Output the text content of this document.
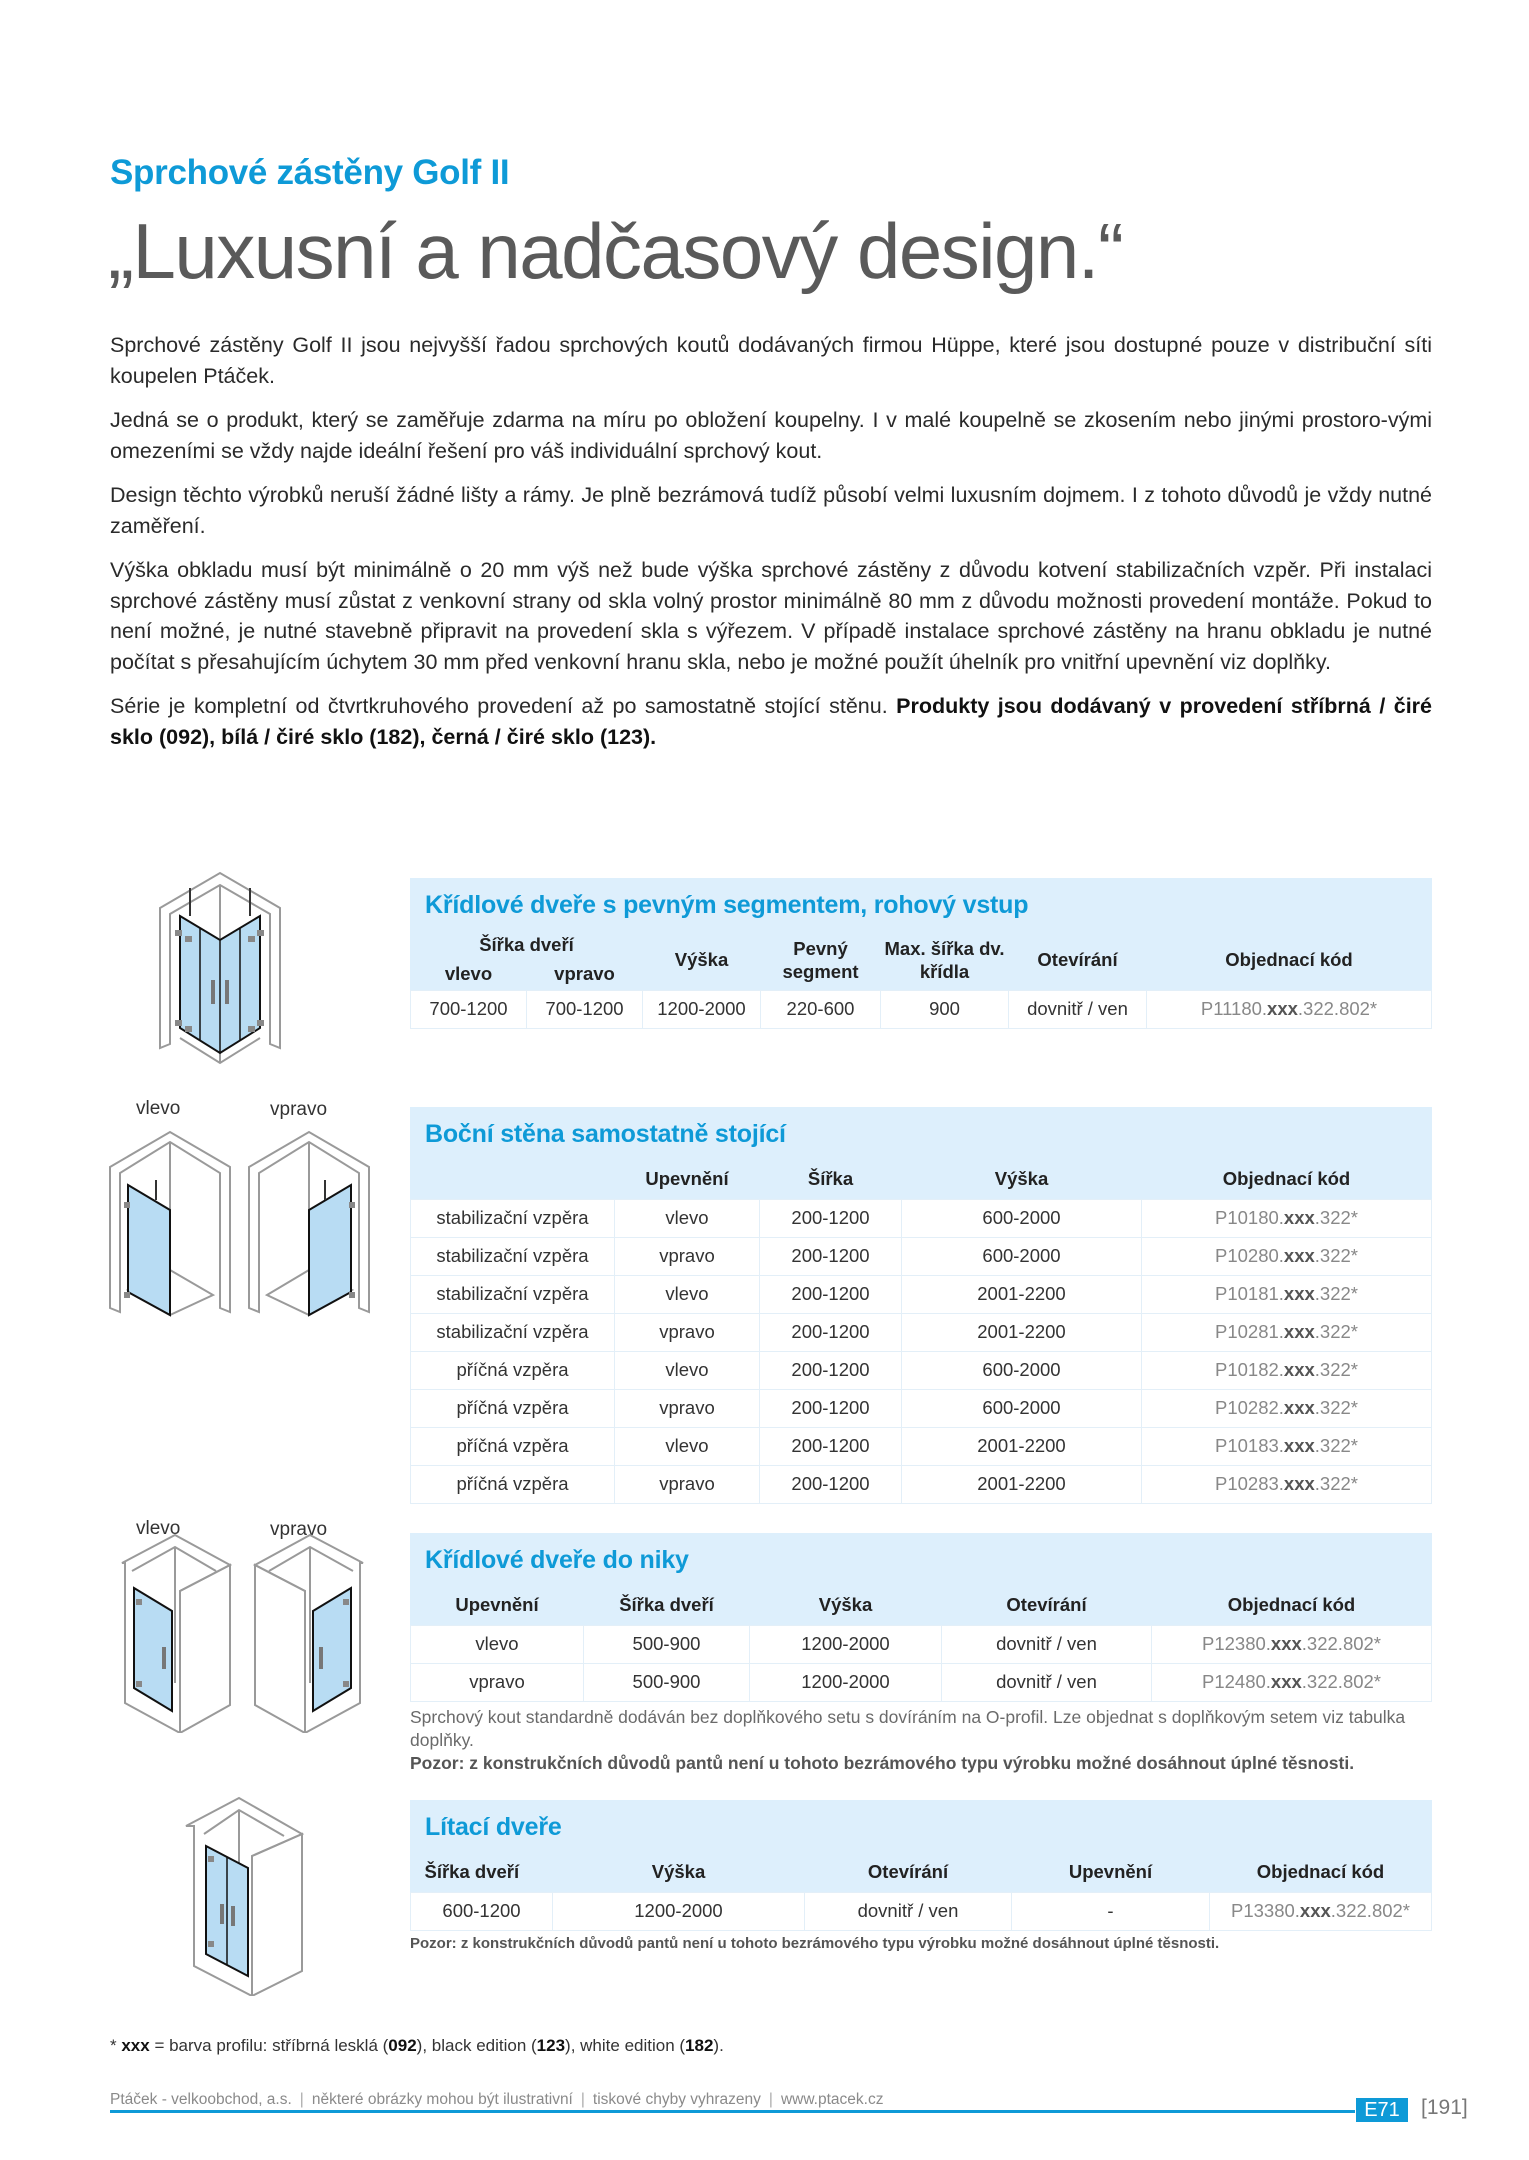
Sprchové zástěny Golf II
„Luxusní a nadčasový design.“

Sprchové zástěny Golf II jsou nejvyšší řadou sprchových koutů dodávaných firmou Hüppe, které jsou dostupné pouze v distribuční síti koupelen Ptáček.

Jedná se o produkt, který se zaměřuje zdarma na míru po obložení koupelny. I v malé koupelně se zkosením nebo jinými prostoro-vými omezeními se vždy najde ideální řešení pro váš individuální sprchový kout.

Design těchto výrobků neruší žádné lišty a rámy. Je plně bezrámová tudíž působí velmi luxusním dojmem. I z tohoto důvodů je vždy nutné zaměření.

Výška obkladu musí být minimálně o 20 mm výš než bude výška sprchové zástěny z důvodu kotvení stabilizačních vzpěr. Při instalaci sprchové zástěny musí zůstat z venkovní strany od skla volný prostor minimálně 80 mm z důvodu možnosti provedení montáže. Pokud to není možné, je nutné stavebně připravit na provedení skla s výřezem. V případě instalace sprchové zástěny na hranu obkladu je nutné počítat s přesahujícím úchytem 30 mm před venkovní hranu skla, nebo je možné použít úhelník pro vnitřní upevnění viz doplňky.

Série je kompletní od čtvrtkruhového provedení až po samostatně stojící stěnu. Produkty jsou dodávaný v provedení stříbrná / čiré sklo (092), bílá / čiré sklo (182), černá / čiré sklo (123).

Křídlové dveře s pevným segmentem, rohový vstup
Šířka dveří		Výška	Pevný segment	Max. šířka dv. křídla	Otevírání	Objednací kód
vlevo	vpravo					
700-1200	700-1200	1200-2000	220-600	900	dovnitř / ven	P11180.xxx.322.802*
vlevo	vpravo
Boční stěna samostatně stojící
	Upevnění	Šířka	Výška	Objednací kód
stabilizační vzpěra	vlevo	200-1200	600-2000	P10180.xxx.322*
stabilizační vzpěra	vpravo	200-1200	600-2000	P10280.xxx.322*
stabilizační vzpěra	vlevo	200-1200	2001-2200	P10181.xxx.322*
stabilizační vzpěra	vpravo	200-1200	2001-2200	P10281.xxx.322*
příčná vzpěra	vlevo	200-1200	600-2000	P10182.xxx.322*
příčná vzpěra	vpravo	200-1200	600-2000	P10282.xxx.322*
příčná vzpěra	vlevo	200-1200	2001-2200	P10183.xxx.322*
příčná vzpěra	vpravo	200-1200	2001-2200	P10283.xxx.322*
vlevo	vpravo
Křídlové dveře do niky
Upevnění	Šířka dveří	Výška	Otevírání	Objednací kód
vlevo	500-900	1200-2000	dovnitř / ven	P12380.xxx.322.802*
vpravo	500-900	1200-2000	dovnitř / ven	P12480.xxx.322.802*
Sprchový kout standardně dodáván bez doplňkového setu s dovíráním na O-profil. Lze objednat s doplňkovým setem viz tabulka doplňky.
Pozor: z konstrukčních důvodů pantů není u tohoto bezrámového typu výrobku možné dosáhnout úplné těsnosti.
Lítací dveře
Šířka dveří	Výška	Otevírání	Upevnění	Objednací kód
600-1200	1200-2000	dovnitř / ven	-	P13380.xxx.322.802*
Pozor: z konstrukčních důvodů pantů není u tohoto bezrámového typu výrobku možné dosáhnout úplné těsnosti.
* xxx = barva profilu: stříbrná lesklá (092), black edition (123), white edition (182).
Ptáček - velkoobchod, a.s. | některé obrázky mohou být ilustrativní | tiskové chyby vyhrazeny | www.ptacek.cz	E71	[191]
